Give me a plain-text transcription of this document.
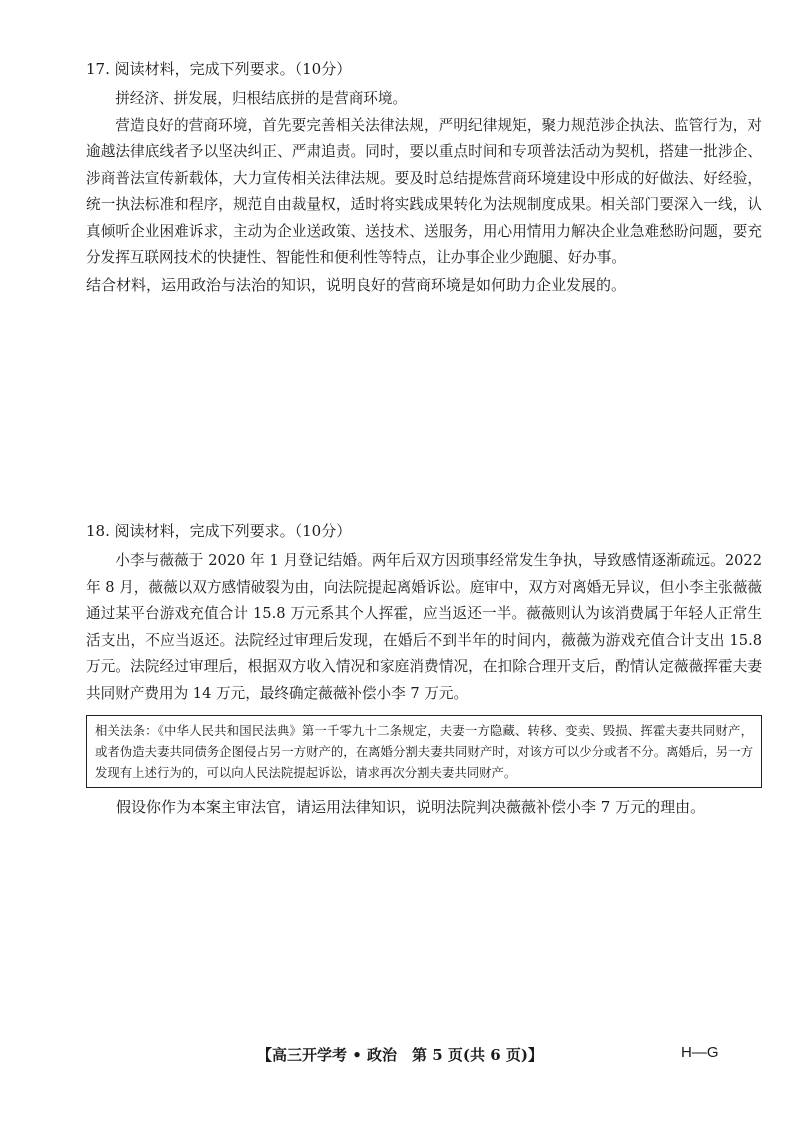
17. 阅读材料，完成下列要求。（10分）

拼经济、拼发展，归根结底拼的是营商环境。

营造良好的营商环境，首先要完善相关法律法规，严明纪律规矩，聚力规范涉企执法、监管行为，对逾越法律底线者予以坚决纠正、严肃追责。同时，要以重点时间和专项普法活动为契机，搭建一批涉企、涉商普法宣传新载体，大力宣传相关法律法规。要及时总结提炼营商环境建设中形成的好做法、好经验，统一执法标准和程序，规范自由裁量权，适时将实践成果转化为法规制度成果。相关部门要深入一线，认真倾听企业困难诉求，主动为企业送政策、送技术、送服务，用心用情用力解决企业急难愁盼问题，要充分发挥互联网技术的快捷性、智能性和便利性等特点，让办事企业少跑腿、好办事。

结合材料，运用政治与法治的知识，说明良好的营商环境是如何助力企业发展的。

18. 阅读材料，完成下列要求。（10分）

小李与薇薇于 2020 年 1 月登记结婚。两年后双方因琐事经常发生争执，导致感情逐渐疏远。2022 年 8 月，薇薇以双方感情破裂为由，向法院提起离婚诉讼。庭审中，双方对离婚无异议，但小李主张薇薇通过某平台游戏充值合计 15.8 万元系其个人挥霍，应当返还一半。薇薇则认为该消费属于年轻人正常生活支出，不应当返还。法院经过审理后发现，在婚后不到半年的时间内，薇薇为游戏充值合计支出 15.8 万元。法院经过审理后，根据双方收入情况和家庭消费情况，在扣除合理开支后，酌情认定薇薇挥霍夫妻共同财产费用为 14 万元，最终确定薇薇补偿小李 7 万元。

相关法条：《中华人民共和国民法典》第一千零九十二条规定，夫妻一方隐藏、转移、变卖、毁损、挥霍夫妻共同财产，或者伪造夫妻共同债务企图侵占另一方财产的，在离婚分割夫妻共同财产时，对该方可以少分或者不分。离婚后，另一方发现有上述行为的，可以向人民法院提起诉讼，请求再次分割夫妻共同财产。

假设你作为本案主审法官，请运用法律知识，说明法院判决薇薇补偿小李 7 万元的理由。

【高三开学考 • 政治　第 5 页(共 6 页)】	H—G
